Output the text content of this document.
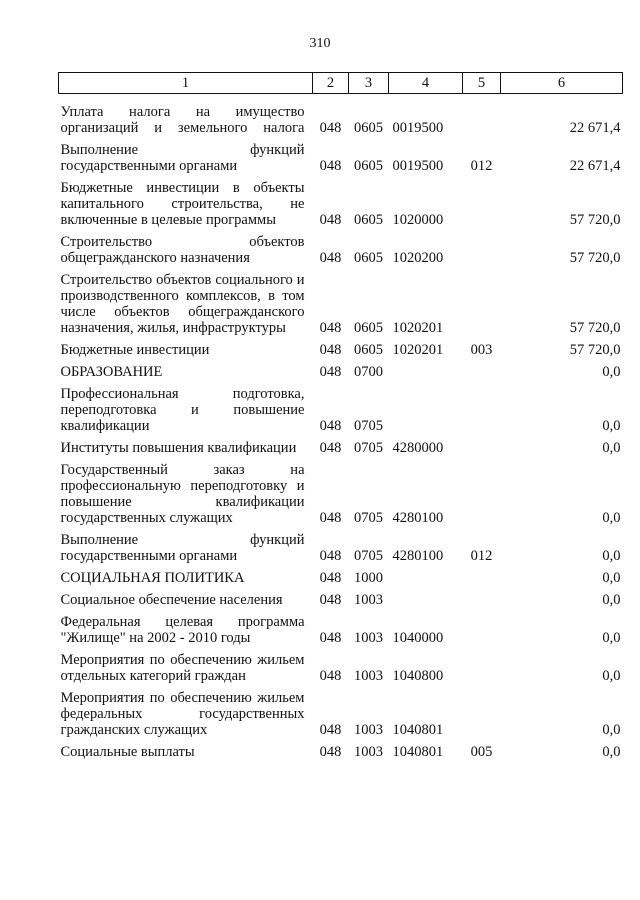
310
1	2	3	4	5	6

Уплата налога на имущество организаций и земельного налога	048	0605	0019500		22 671,4

Выполнение функций государственными органами	048	0605	0019500	012	22 671,4

Бюджетные инвестиции в объекты капитального строительства, не включенные в целевые программы	048	0605	1020000		57 720,0

Строительство объектов общегражданского назначения	048	0605	1020200		57 720,0

Строительство объектов социального и производственного комплексов, в том числе объектов общегражданского назначения, жилья, инфраструктуры	048	0605	1020201		57 720,0

Бюджетные инвестиции	048	0605	1020201	003	57 720,0

ОБРАЗОВАНИЕ	048	0700			0,0

Профессиональная подготовка, переподготовка и повышение квалификации	048	0705			0,0

Институты повышения квалификации	048	0705	4280000		0,0

Государственный заказ на профессиональную переподготовку и повышение квалификации государственных служащих	048	0705	4280100		0,0

Выполнение функций государственными органами	048	0705	4280100	012	0,0

СОЦИАЛЬНАЯ ПОЛИТИКА	048	1000			0,0

Социальное обеспечение населения	048	1003			0,0

Федеральная целевая программа "Жилище" на 2002 - 2010 годы	048	1003	1040000		0,0

Мероприятия по обеспечению жильем отдельных категорий граждан	048	1003	1040800		0,0

Мероприятия по обеспечению жильем федеральных государственных гражданских служащих	048	1003	1040801		0,0

Социальные выплаты	048	1003	1040801	005	0,0
